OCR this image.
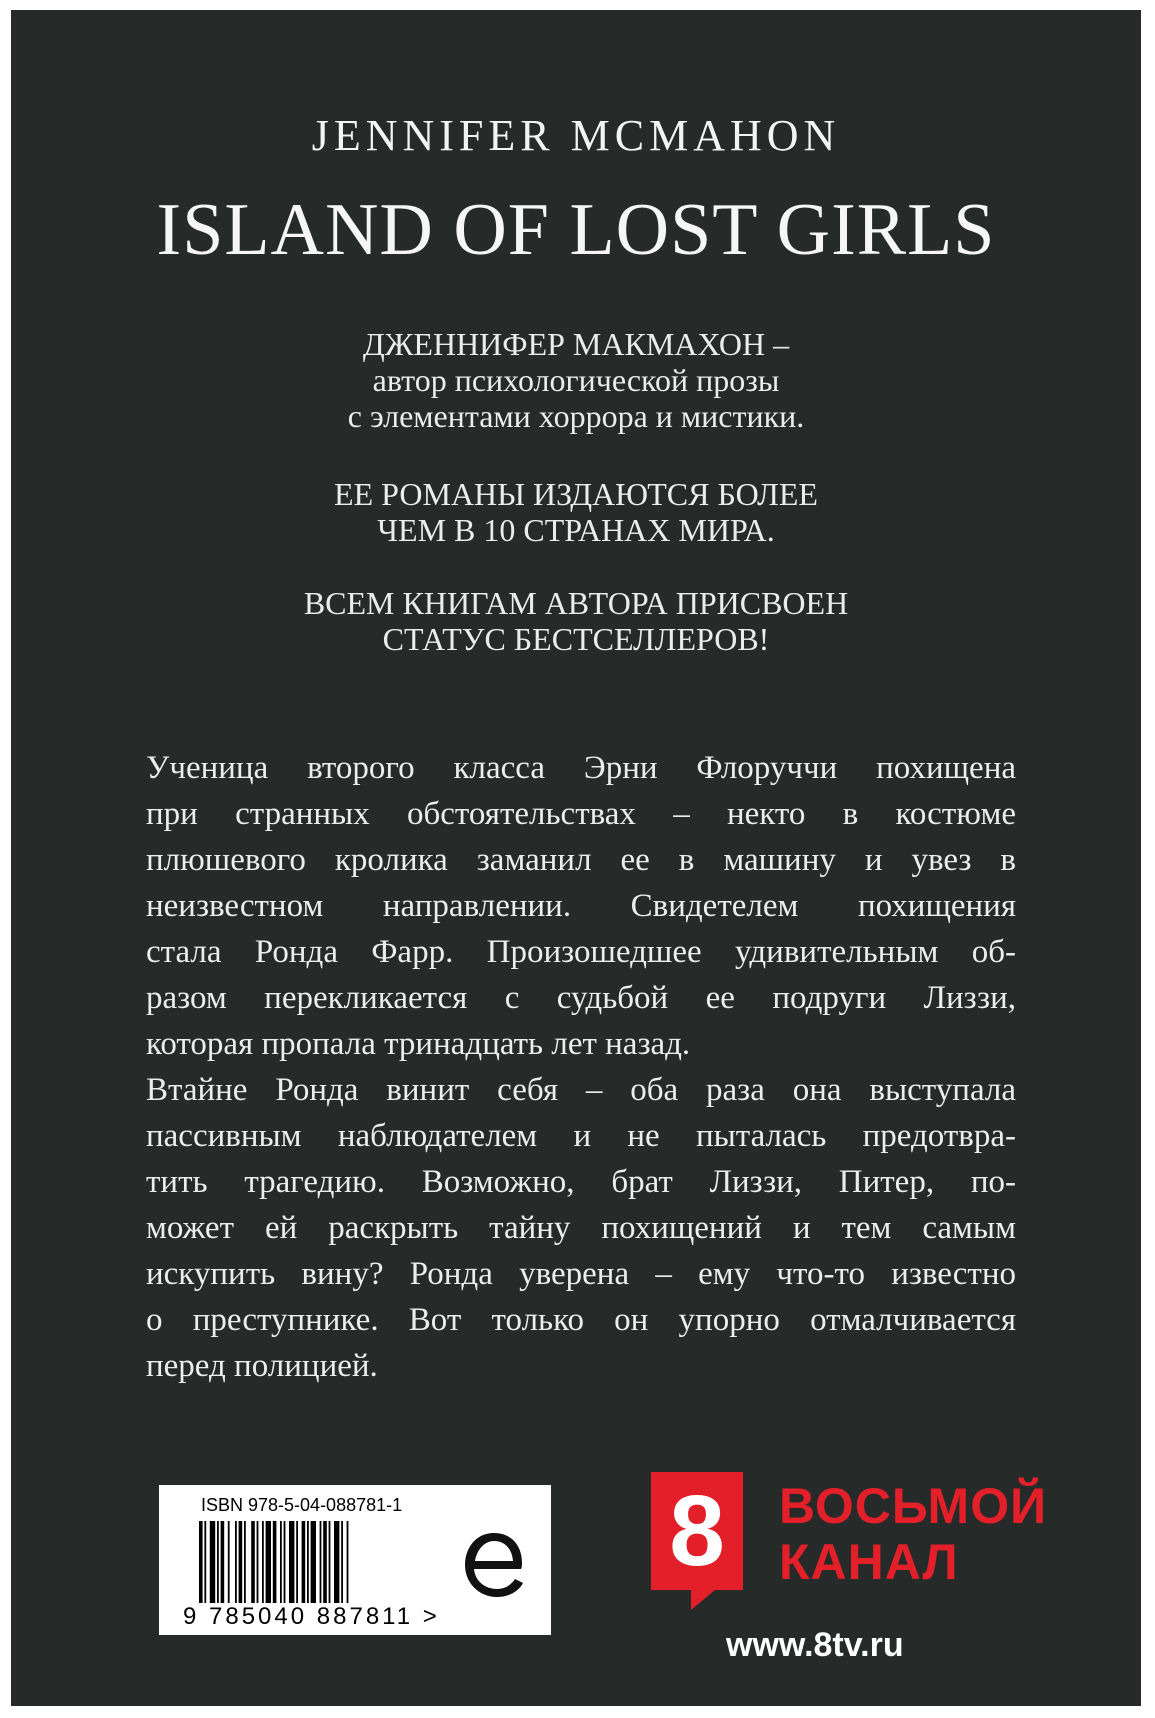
JENNIFER MCMAHON
ISLAND OF LOST GIRLS
ДЖЕННИФЕР МАКМАХОН –
автор психологической прозы
с элементами хоррора и мистики.
ЕЕ РОМАНЫ ИЗДАЮТСЯ БОЛЕЕ
ЧЕМ В 10 СТРАНАХ МИРА.
ВСЕМ КНИГАМ АВТОРА ПРИСВОЕН
СТАТУС БЕСТСЕЛЛЕРОВ!
Ученица второго класса Эрни Флоруччи похищена
при странных обстоятельствах – некто в костюме
плюшевого кролика заманил ее в машину и увез в
неизвестном направлении. Свидетелем похищения
стала Ронда Фарр. Произошедшее удивительным об-
разом перекликается с судьбой ее подруги Лиззи,
которая пропала тринадцать лет назад.
Втайне Ронда винит себя – оба раза она выступала
пассивным наблюдателем и не пыталась предотвра-
тить трагедию. Возможно, брат Лиззи, Питер, по-
может ей раскрыть тайну похищений и тем самым
искупить вину? Ронда уверена – ему что-то известно
о преступнике. Вот только он упорно отмалчивается
перед полицией.
ISBN 978-5-04-088781-1
9 785040 887811 >
8	ВОСЬМОЙ
КАНАЛ
www.8tv.ru
